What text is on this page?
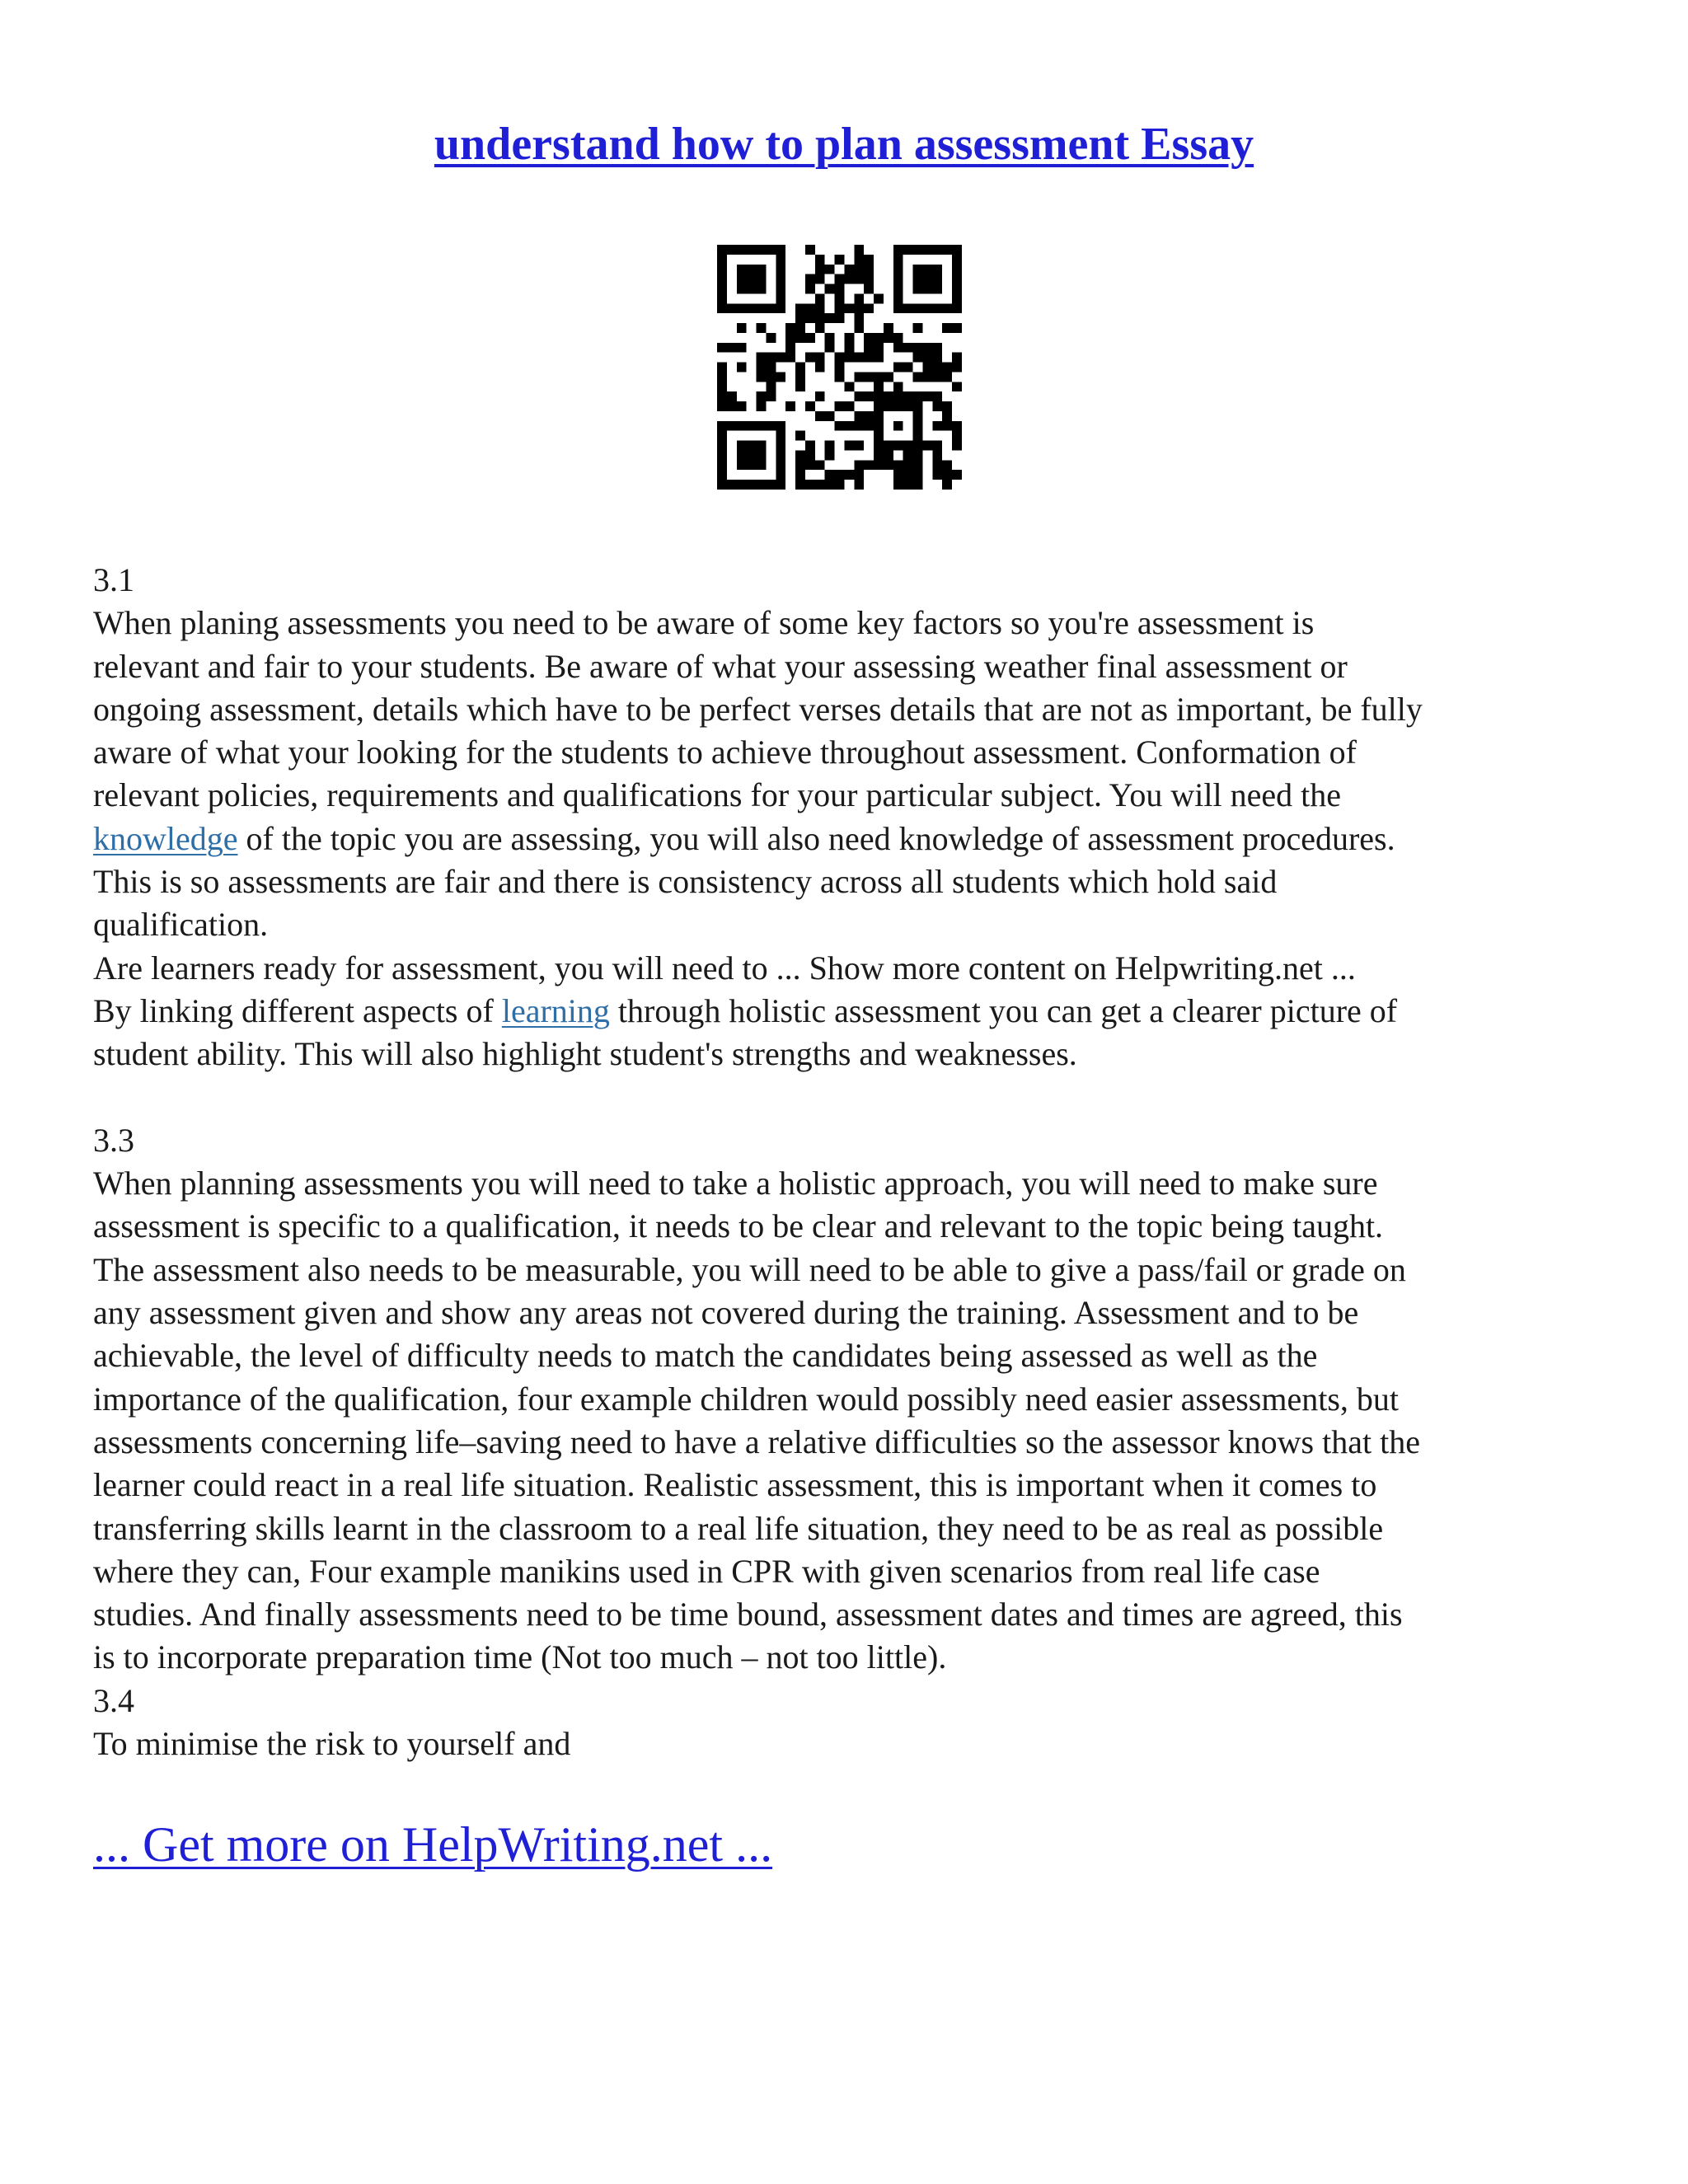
understand how to plan assessment Essay
3.1
When planing assessments you need to be aware of some key factors so you're assessment is
relevant and fair to your students. Be aware of what your assessing weather final assessment or
ongoing assessment, details which have to be perfect verses details that are not as important, be fully
aware of what your looking for the students to achieve throughout assessment. Conformation of
relevant policies, requirements and qualifications for your particular subject. You will need the
knowledge of the topic you are assessing, you will also need knowledge of assessment procedures.
This is so assessments are fair and there is consistency across all students which hold said
qualification.
Are learners ready for assessment, you will need to ... Show more content on Helpwriting.net ...
By linking different aspects of learning through holistic assessment you can get a clearer picture of
student ability. This will also highlight student's strengths and weaknesses.
3.3
When planning assessments you will need to take a holistic approach, you will need to make sure
assessment is specific to a qualification, it needs to be clear and relevant to the topic being taught.
The assessment also needs to be measurable, you will need to be able to give a pass/fail or grade on
any assessment given and show any areas not covered during the training. Assessment and to be
achievable, the level of difficulty needs to match the candidates being assessed as well as the
importance of the qualification, four example children would possibly need easier assessments, but
assessments concerning life–saving need to have a relative difficulties so the assessor knows that the
learner could react in a real life situation. Realistic assessment, this is important when it comes to
transferring skills learnt in the classroom to a real life situation, they need to be as real as possible
where they can, Four example manikins used in CPR with given scenarios from real life case
studies. And finally assessments need to be time bound, assessment dates and times are agreed, this
is to incorporate preparation time (Not too much – not too little).
3.4
To minimise the risk to yourself and
... Get more on HelpWriting.net ...
